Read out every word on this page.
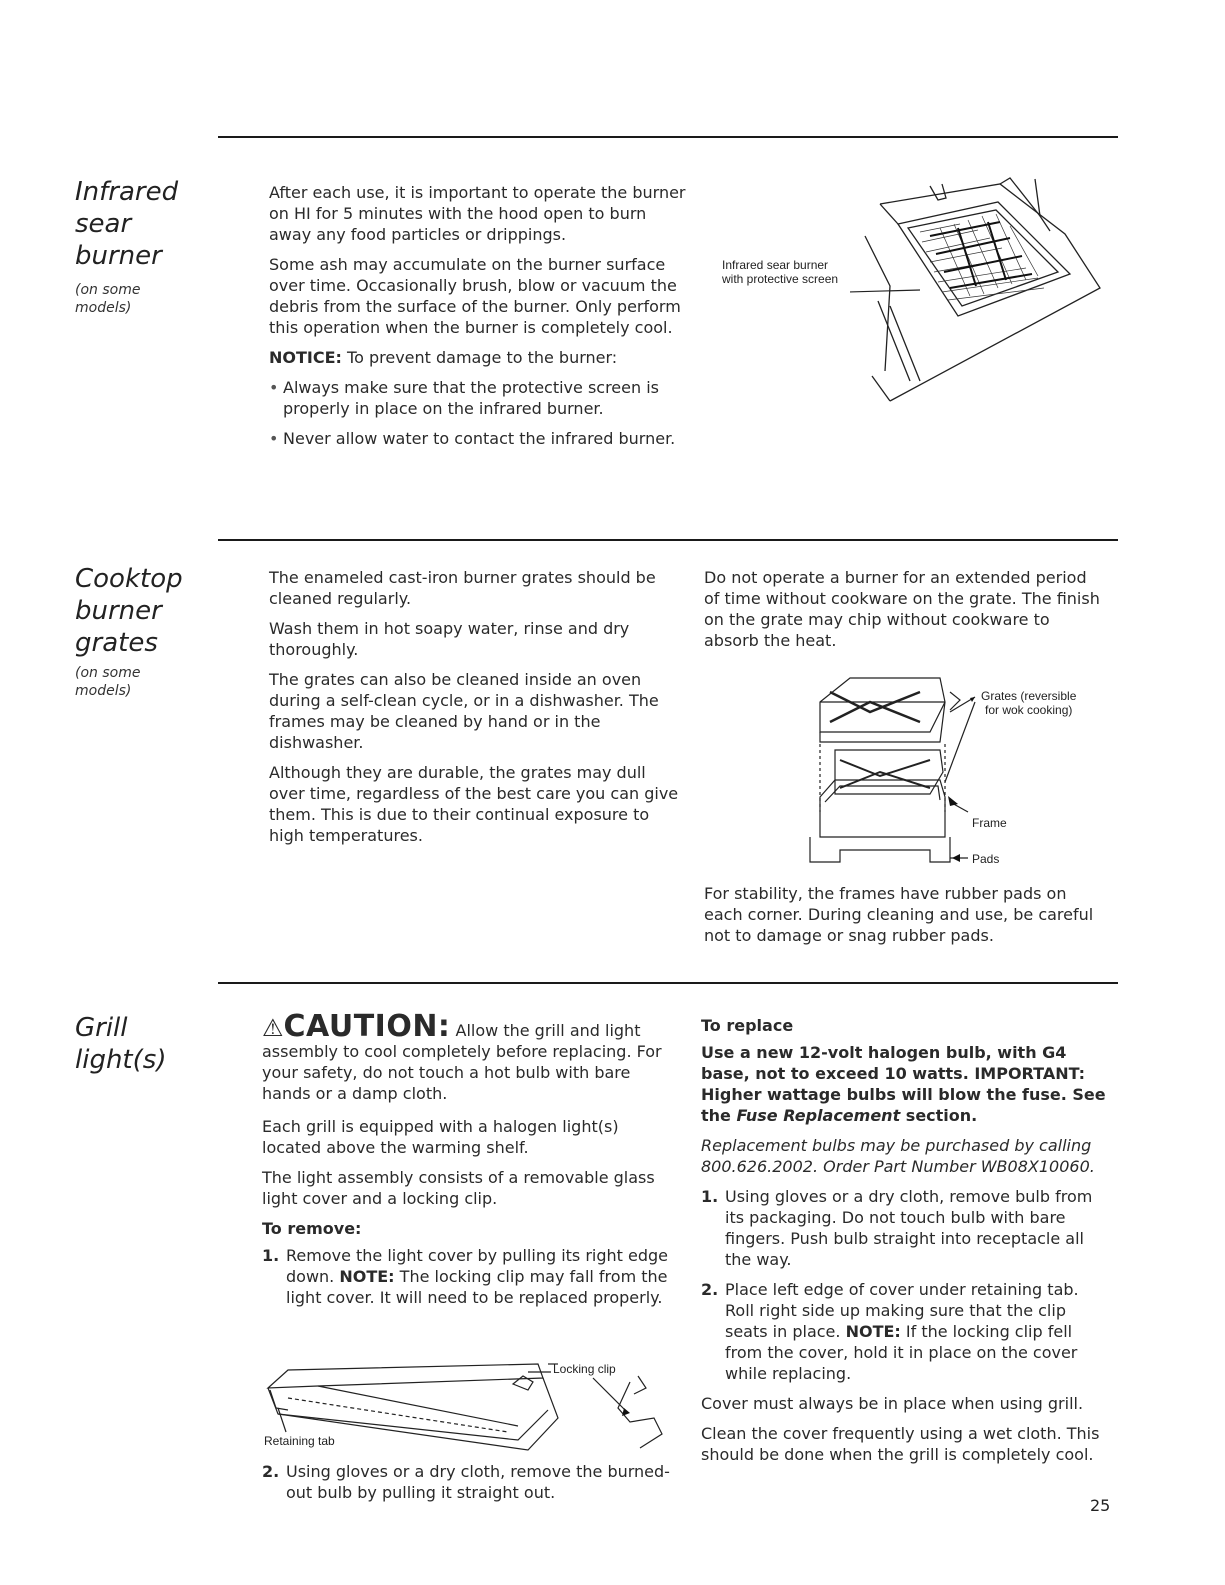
Infrared sear burner
(on some models)

After each use, it is important to operate the burner on HI for 5 minutes with the hood open to burn away any food particles or drippings.

Some ash may accumulate on the burner surface over time. Occasionally brush, blow or vacuum the debris from the surface of the burner. Only perform this operation when the burner is completely cool.

NOTICE: To prevent damage to the burner:

• Always make sure that the protective screen is properly in place on the infrared burner.
• Never allow water to contact the infrared burner.
Infrared sear burner
with protective screen
Cooktop burner grates
(on some models)

The enameled cast-iron burner grates should be cleaned regularly.

Wash them in hot soapy water, rinse and dry thoroughly.

The grates can also be cleaned inside an oven during a self-clean cycle, or in a dishwasher. The frames may be cleaned by hand or in the dishwasher.

Although they are durable, the grates may dull over time, regardless of the best care you can give them. This is due to their continual exposure to high temperatures.

Do not operate a burner for an extended period of time without cookware on the grate. The finish on the grate may chip without cookware to absorb the heat.

Grates (reversible
for wok cooking)
Frame
Pads

For stability, the frames have rubber pads on each corner. During cleaning and use, be careful not to damage or snag rubber pads.

Grill light(s)

⚠CAUTION: Allow the grill and light assembly to cool completely before replacing. For your safety, do not touch a hot bulb with bare hands or a damp cloth.

Each grill is equipped with a halogen light(s) located above the warming shelf.

The light assembly consists of a removable glass light cover and a locking clip.

To remove:

1. Remove the light cover by pulling its right edge down. NOTE: The locking clip may fall from the light cover. It will need to be replaced properly.
Locking clip
Retaining tab
2. Using gloves or a dry cloth, remove the burned-out bulb by pulling it straight out.

To replace

Use a new 12-volt halogen bulb, with G4 base, not to exceed 10 watts. IMPORTANT: Higher wattage bulbs will blow the fuse. See the Fuse Replacement section.

Replacement bulbs may be purchased by calling 800.626.2002. Order Part Number WB08X10060.

1. Using gloves or a dry cloth, remove bulb from its packaging. Do not touch bulb with bare fingers. Push bulb straight into receptacle all the way.
2. Place left edge of cover under retaining tab. Roll right side up making sure that the clip seats in place. NOTE: If the locking clip fell from the cover, hold it in place on the cover while replacing.

Cover must always be in place when using grill.

Clean the cover frequently using a wet cloth. This should be done when the grill is completely cool.

25
